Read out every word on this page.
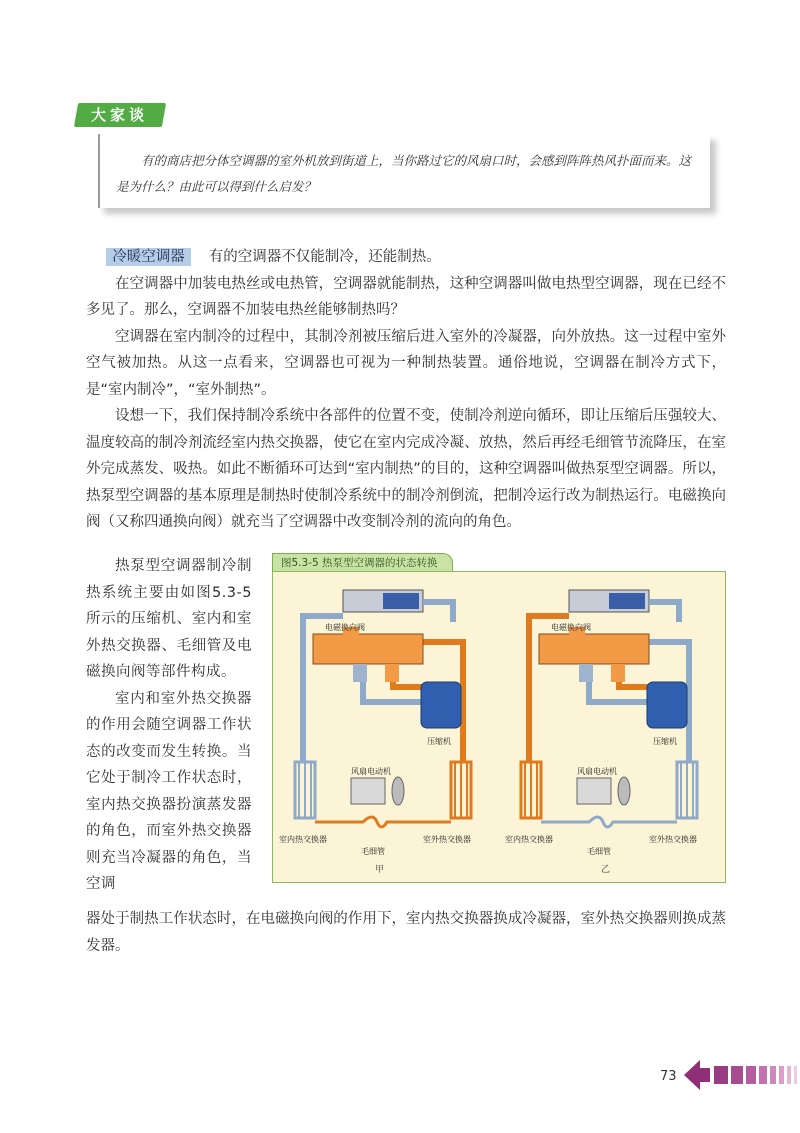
大家谈

有的商店把分体空调器的室外机放到街道上，当你路过它的风扇口时，会感到阵阵热风扑面而来。这是为什么？由此可以得到什么启发？

冷暖空调器 有的空调器不仅能制冷，还能制热。

在空调器中加装电热丝或电热管，空调器就能制热，这种空调器叫做电热型空调器，现在已经不多见了。那么，空调器不加装电热丝能够制热吗？

空调器在室内制冷的过程中，其制冷剂被压缩后进入室外的冷凝器，向外放热。这一过程中室外空气被加热。从这一点看来，空调器也可视为一种制热装置。通俗地说，空调器在制冷方式下，是“室内制冷”，“室外制热”。

设想一下，我们保持制冷系统中各部件的位置不变，使制冷剂逆向循环，即让压缩后压强较大、温度较高的制冷剂流经室内热交换器，使它在室内完成冷凝、放热，然后再经毛细管节流降压，在室外完成蒸发、吸热。如此不断循环可达到“室内制热”的目的，这种空调器叫做热泵型空调器。所以，热泵型空调器的基本原理是制热时使制冷系统中的制冷剂倒流，把制冷运行改为制热运行。电磁换向阀（又称四通换向阀）就充当了空调器中改变制冷剂的流向的角色。

热泵型空调器制冷制热系统主要由如图5.3-5所示的压缩机、室内和室外热交换器、毛细管及电磁换向阀等部件构成。

室内和室外热交换器的作用会随空调器工作状态的改变而发生转换。当它处于制冷工作状态时，室内热交换器扮演蒸发器的角色，而室外热交换器则充当冷凝器的角色，当空调

器处于制热工作状态时，在电磁换向阀的作用下，室内热交换器换成冷凝器，室外热交换器则换成蒸发器。

图5.3-5 热泵型空调器的状态转换
电磁换向阀
压缩机
风扇电动机
室内热交换器	室外热交换器
毛细管
甲
电磁换向阀
压缩机
风扇电动机
室内热交换器	室外热交换器
毛细管
乙
73
